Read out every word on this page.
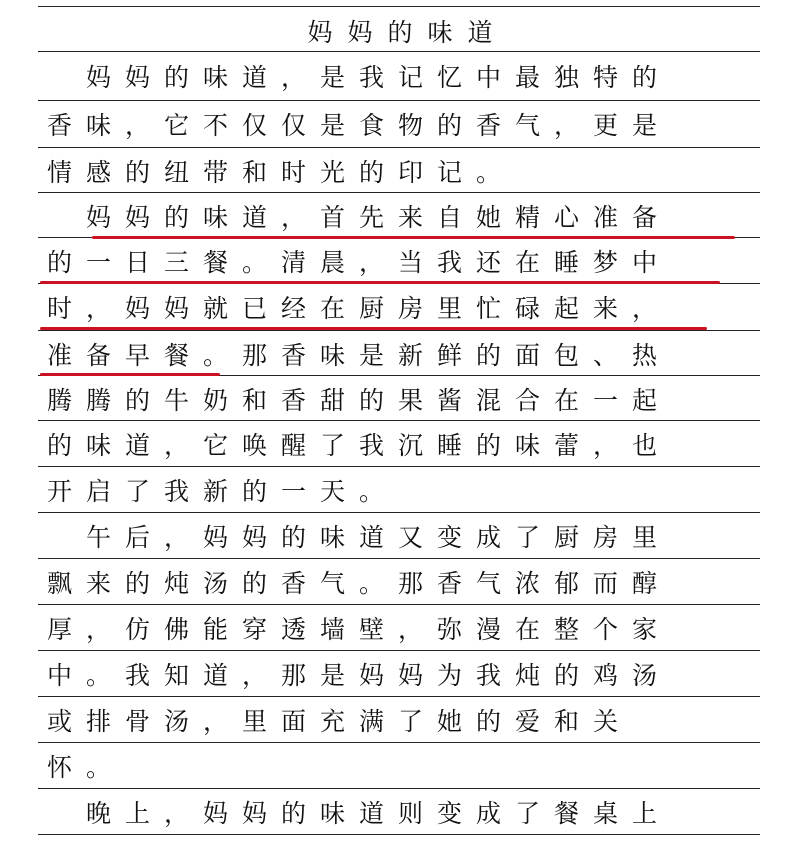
妈 妈 的 味 道

妈 妈 的 味 道 ， 是 我 记 忆 中 最 独 特 的
香 味 ， 它 不 仅 仅 是 食 物 的 香 气 ， 更 是
情 感 的 纽 带 和 时 光 的 印 记 。

妈 妈 的 味 道 ， 首 先 来 自 她 精 心 准 备
的 一 日 三 餐 。 清 晨 ， 当 我 还 在 睡 梦 中
时 ， 妈 妈 就 已 经 在 厨 房 里 忙 碌 起 来 ，
准 备 早 餐 。 那 香 味 是 新 鲜 的 面 包 、 热
腾 腾 的 牛 奶 和 香 甜 的 果 酱 混 合 在 一 起
的 味 道 ， 它 唤 醒 了 我 沉 睡 的 味 蕾 ， 也
开 启 了 我 新 的 一 天 。

午 后 ， 妈 妈 的 味 道 又 变 成 了 厨 房 里
飘 来 的 炖 汤 的 香 气 。 那 香 气 浓 郁 而 醇
厚 ， 仿 佛 能 穿 透 墙 壁 ， 弥 漫 在 整 个 家
中 。 我 知 道 ， 那 是 妈 妈 为 我 炖 的 鸡 汤
或 排 骨 汤 ， 里 面 充 满 了 她 的 爱 和 关
怀 。

晚 上 ， 妈 妈 的 味 道 则 变 成 了 餐 桌 上
